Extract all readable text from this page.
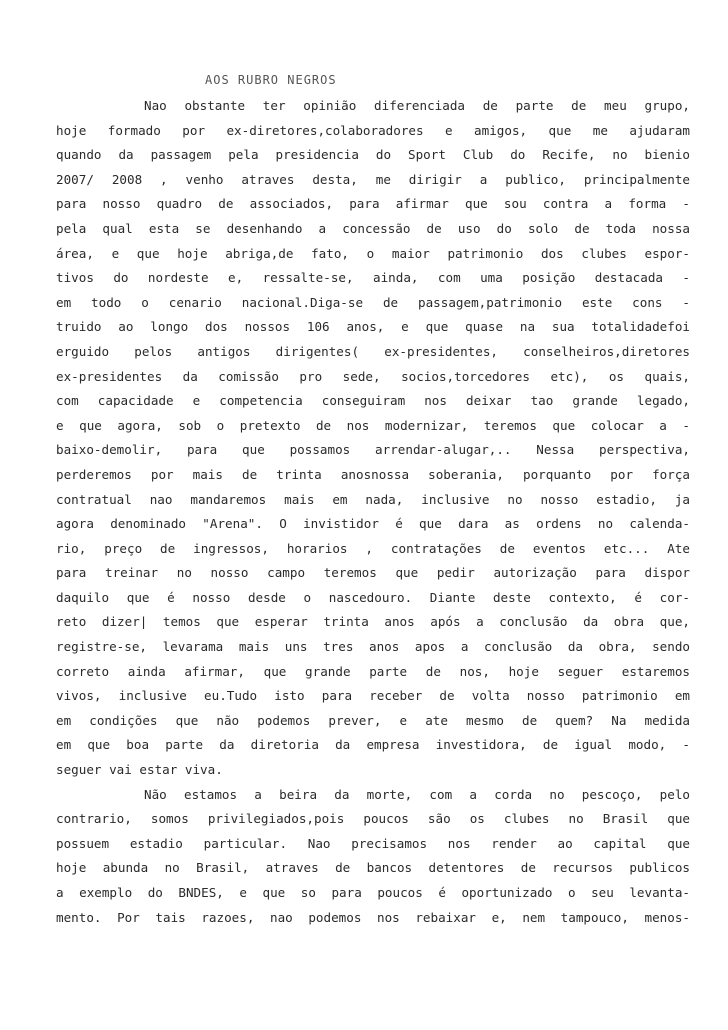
AOS RUBRO NEGROS
Nao obstante ter opinião diferenciada de parte de meu grupo,
hoje formado por ex-diretores,colaboradores e amigos, que me ajudaram
quando da passagem pela presidencia do Sport Club do Recife, no bienio
2007/ 2008 , venho atraves desta, me dirigir a publico, principalmente
para nosso quadro de associados, para afirmar que sou contra a forma -
pela qual esta se desenhando a concessão de uso do solo de toda nossa
área, e que hoje abriga,de fato, o maior patrimonio dos clubes espor-
tivos do nordeste e, ressalte-se, ainda, com uma posição destacada -
em todo o cenario nacional.Diga-se de passagem,patrimonio este cons -
truido ao longo dos nossos 106 anos, e que quase na sua totalidadefoi
erguido pelos antigos dirigentes( ex-presidentes, conselheiros,diretores
ex-presidentes da comissão pro sede, socios,torcedores etc), os quais,
com capacidade e competencia conseguiram nos deixar tao grande legado,
e que agora, sob o pretexto de nos modernizar, teremos que colocar a -
baixo-demolir, para que possamos arrendar-alugar,.. Nessa perspectiva,
perderemos por mais de trinta anosnossa soberania, porquanto por força
contratual nao mandaremos mais em nada, inclusive no nosso estadio, ja
agora denominado "Arena". O invistidor é que dara as ordens no calenda-
rio, preço de ingressos, horarios , contratações de eventos etc... Ate
para treinar no nosso campo teremos que pedir autorização para dispor
daquilo que é nosso desde o nascedouro. Diante deste contexto, é cor-
reto dizer| temos que esperar trinta anos após a conclusão da obra que,
registre-se, levarama mais uns tres anos apos a conclusão da obra, sendo
correto ainda afirmar, que grande parte de nos, hoje seguer estaremos
vivos, inclusive eu.Tudo isto para receber de volta nosso patrimonio em
em condições que não podemos prever, e ate mesmo de quem? Na medida
em que boa parte da diretoria da empresa investidora, de igual modo, -
seguer vai estar viva.
Não estamos a beira da morte, com a corda no pescoço, pelo
contrario, somos privilegiados,pois poucos são os clubes no Brasil que
possuem estadio particular. Nao precisamos nos render ao capital que
hoje abunda no Brasil, atraves de bancos detentores de recursos publicos
a exemplo do BNDES, e que so para poucos é oportunizado o seu levanta-
mento. Por tais razoes, nao podemos nos rebaixar e, nem tampouco, menos-
